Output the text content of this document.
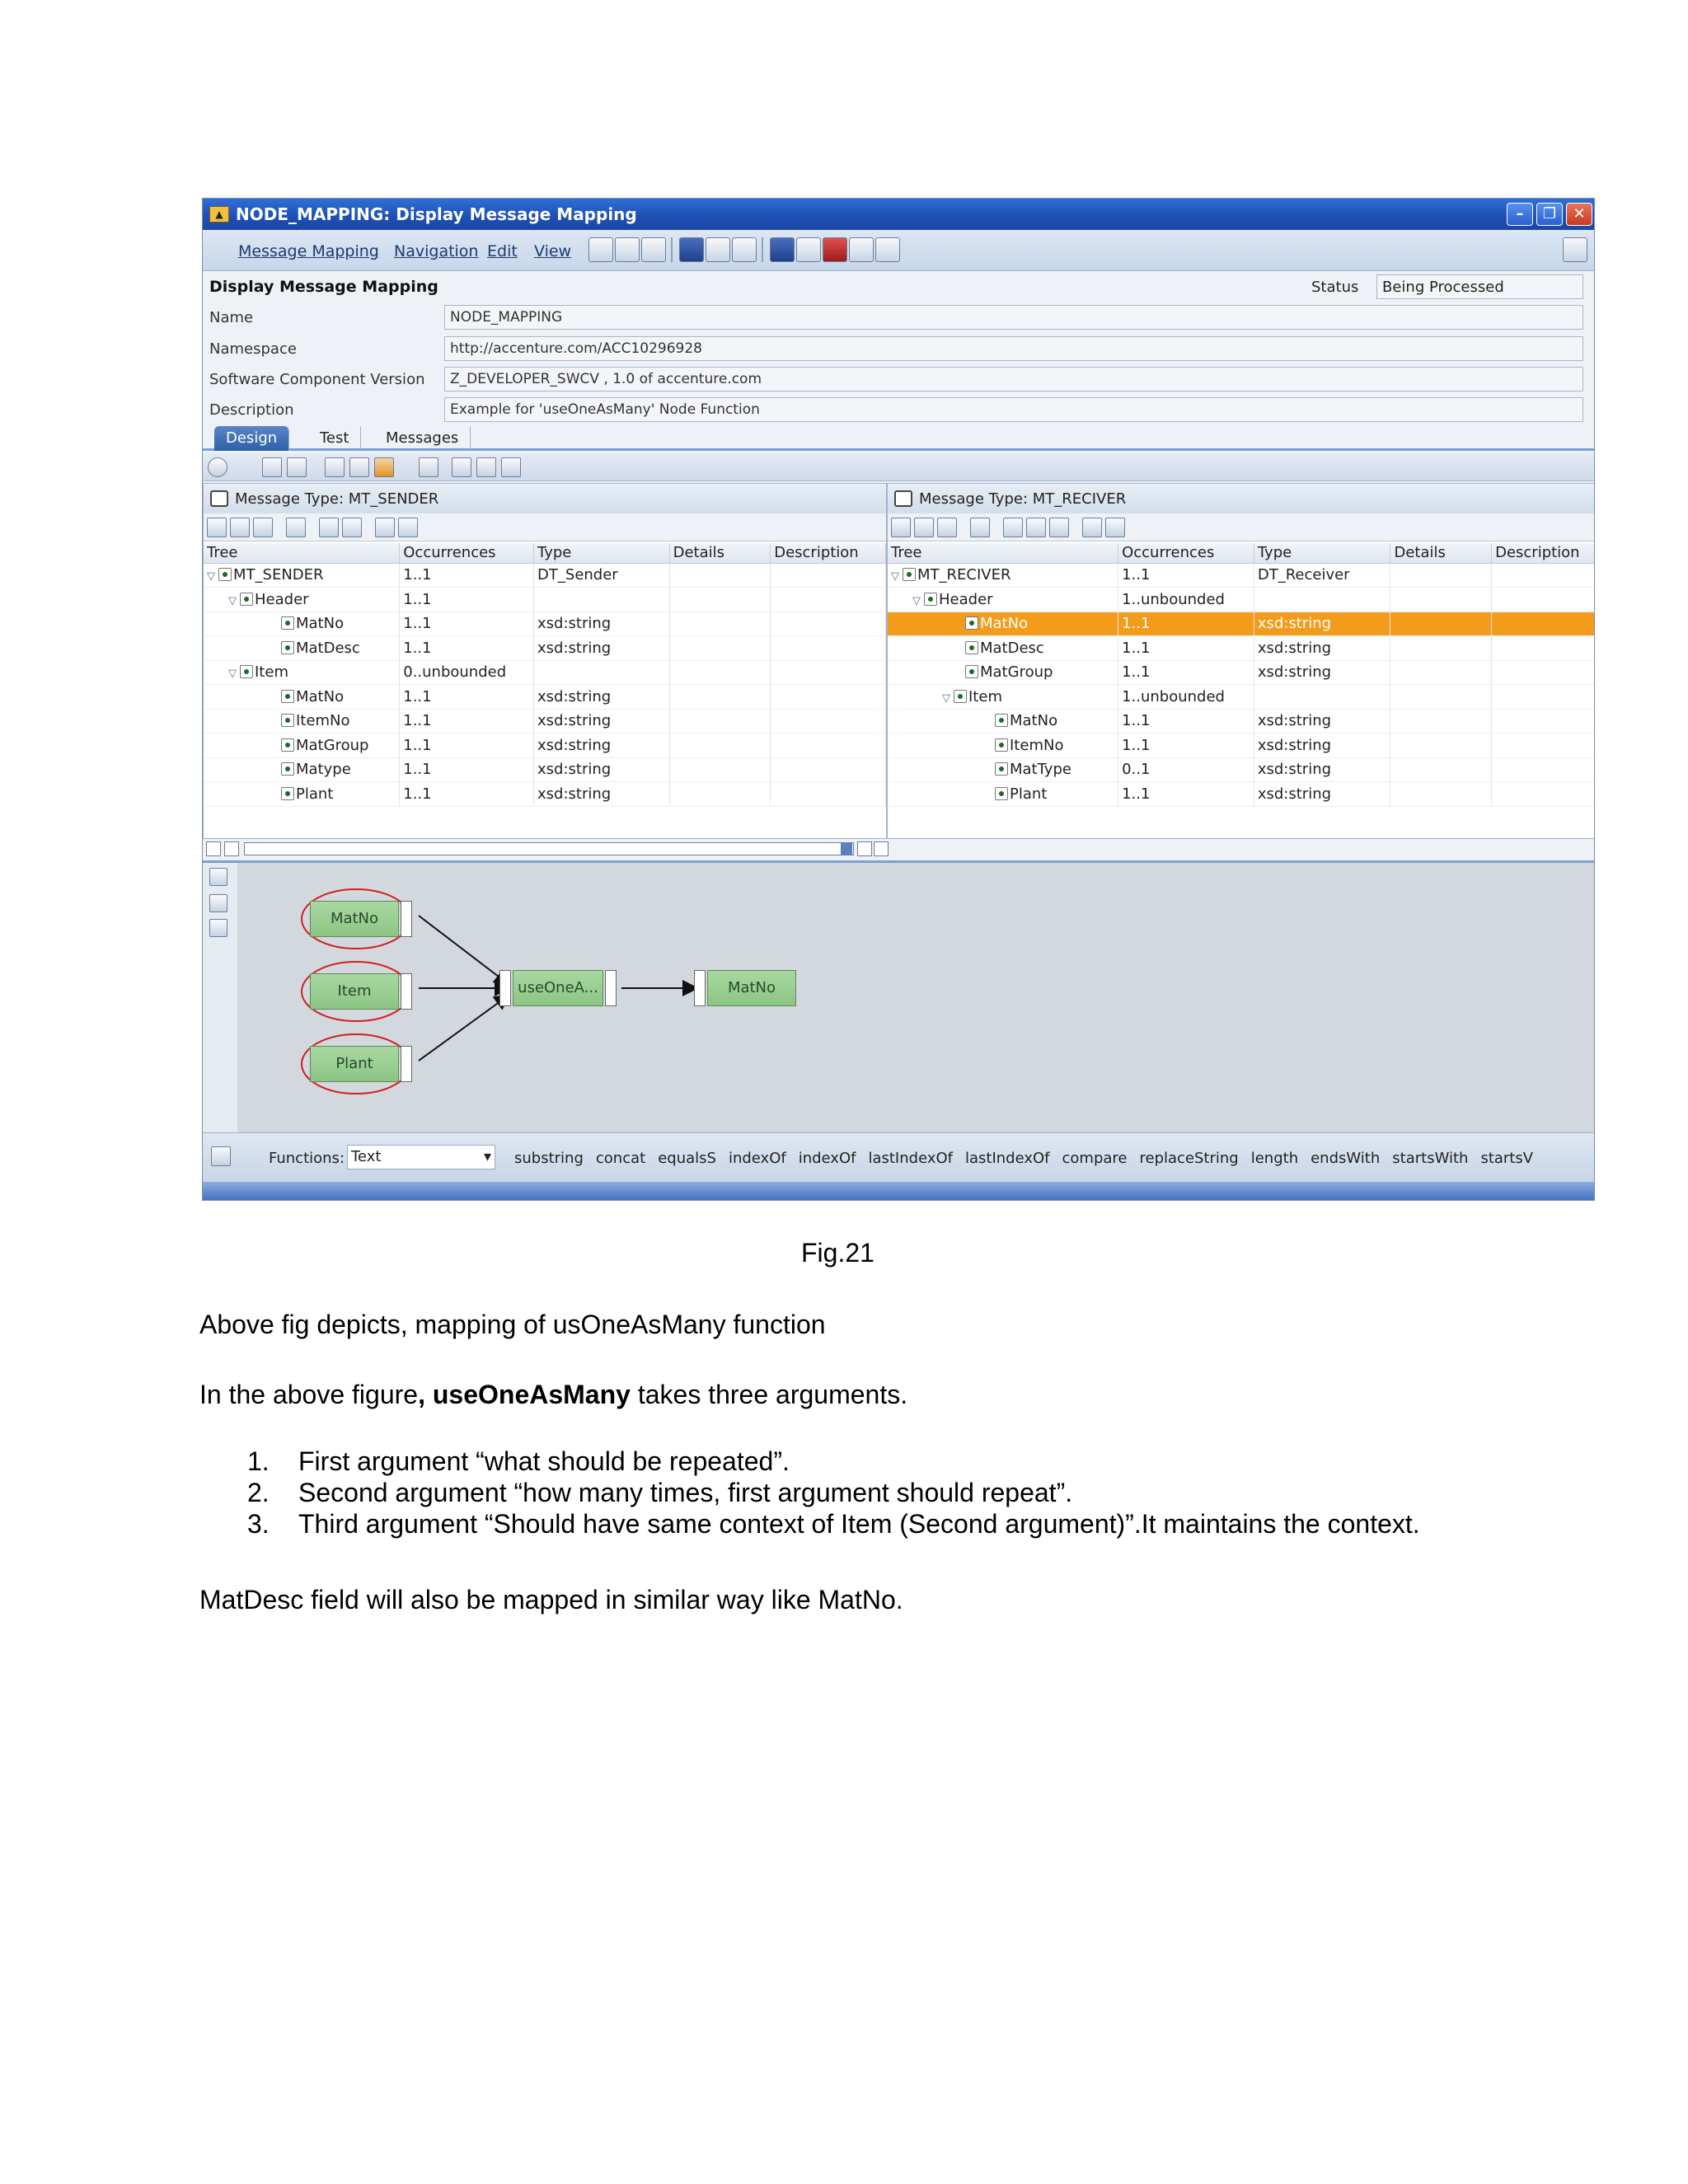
▲ NODE_MAPPING: Display Message Mapping	–	❐	✕
Message Mapping Navigation Edit View
Display Message Mapping	Status	Being Processed
Name	NODE_MAPPING
Namespace	http://accenture.com/ACC10296928
Software Component Version	Z_DEVELOPER_SWCV , 1.0 of accenture.com
Description	Example for 'useOneAsMany' Node Function
Design	Test	Messages
Message Type: MT_SENDER
Tree	Occurrences	Type	Details	Description
▽ MT_SENDER	1..1	DT_Sender		
▽ Header	1..1			
MatNo	1..1	xsd:string		
MatDesc	1..1	xsd:string		
▽ Item	0..unbounded			
MatNo	1..1	xsd:string		
ItemNo	1..1	xsd:string		
MatGroup	1..1	xsd:string		
Matype	1..1	xsd:string		
Plant	1..1	xsd:string		
Message Type: MT_RECIVER
Tree	Occurrences	Type	Details	Description
▽ MT_RECIVER	1..1	DT_Receiver		
▽ Header	1..unbounded			
MatNo	1..1	xsd:string		
MatDesc	1..1	xsd:string		
MatGroup	1..1	xsd:string		
▽ Item	1..unbounded			
MatNo	1..1	xsd:string		
ItemNo	1..1	xsd:string		
MatType	0..1	xsd:string		
Plant	1..1	xsd:string		
MatNo
Item
Plant
useOneA...	MatNo
Functions: Text	▾ substring concat equalsS indexOf indexOf lastIndexOf lastIndexOf compare replaceString length endsWith startsWith startsV
Fig.21
Above fig depicts, mapping of usOneAsMany function
In the above figure, useOneAsMany takes three arguments.
1. First argument “what should be repeated”.
2. Second argument “how many times, first argument should repeat”.
3. Third argument “Should have same context of Item (Second argument)”.It maintains the context.
MatDesc field will also be mapped in similar way like MatNo.
